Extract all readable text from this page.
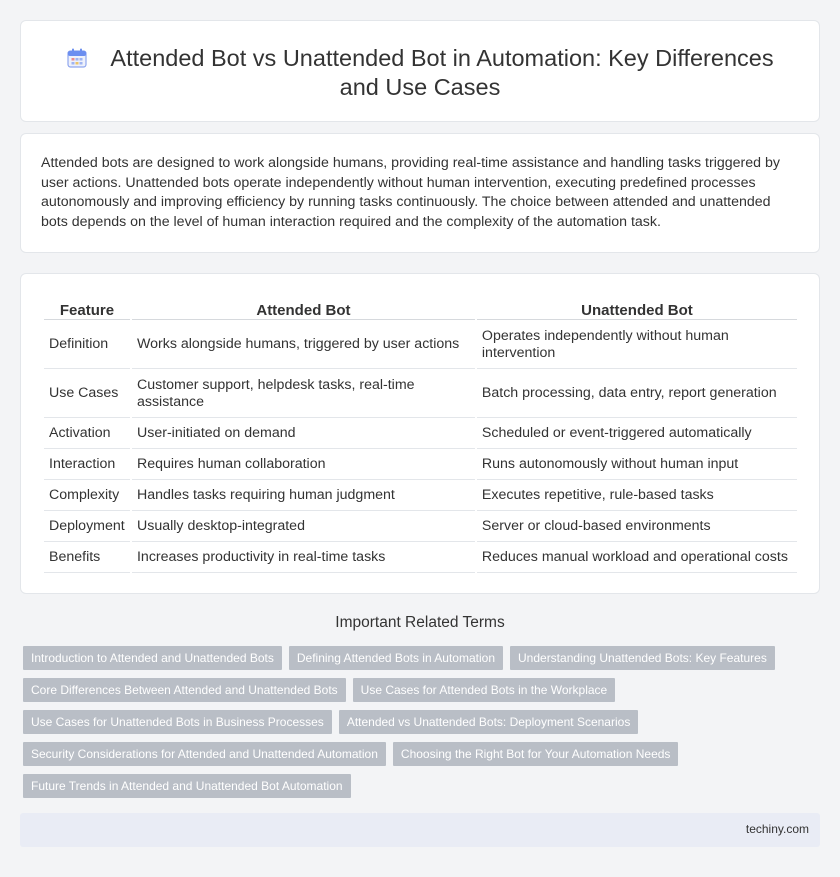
Attended Bot vs Unattended Bot in Automation: Key Differences and Use Cases

Attended bots are designed to work alongside humans, providing real-time assistance and handling tasks triggered by user actions. Unattended bots operate independently without human intervention, executing predefined processes autonomously and improving efficiency by running tasks continuously. The choice between attended and unattended bots depends on the level of human interaction required and the complexity of the automation task.

Feature	Attended Bot	Unattended Bot
Definition	Works alongside humans, triggered by user actions	Operates independently without human intervention
Use Cases	Customer support, helpdesk tasks, real-time assistance	Batch processing, data entry, report generation
Activation	User-initiated on demand	Scheduled or event-triggered automatically
Interaction	Requires human collaboration	Runs autonomously without human input
Complexity	Handles tasks requiring human judgment	Executes repetitive, rule-based tasks
Deployment	Usually desktop-integrated	Server or cloud-based environments
Benefits	Increases productivity in real-time tasks	Reduces manual workload and operational costs
Important Related Terms
Introduction to Attended and Unattended Bots	Defining Attended Bots in Automation	Understanding Unattended Bots: Key Features
Core Differences Between Attended and Unattended Bots	Use Cases for Attended Bots in the Workplace
Use Cases for Unattended Bots in Business Processes	Attended vs Unattended Bots: Deployment Scenarios
Security Considerations for Attended and Unattended Automation	Choosing the Right Bot for Your Automation Needs
Future Trends in Attended and Unattended Bot Automation
techiny.com
